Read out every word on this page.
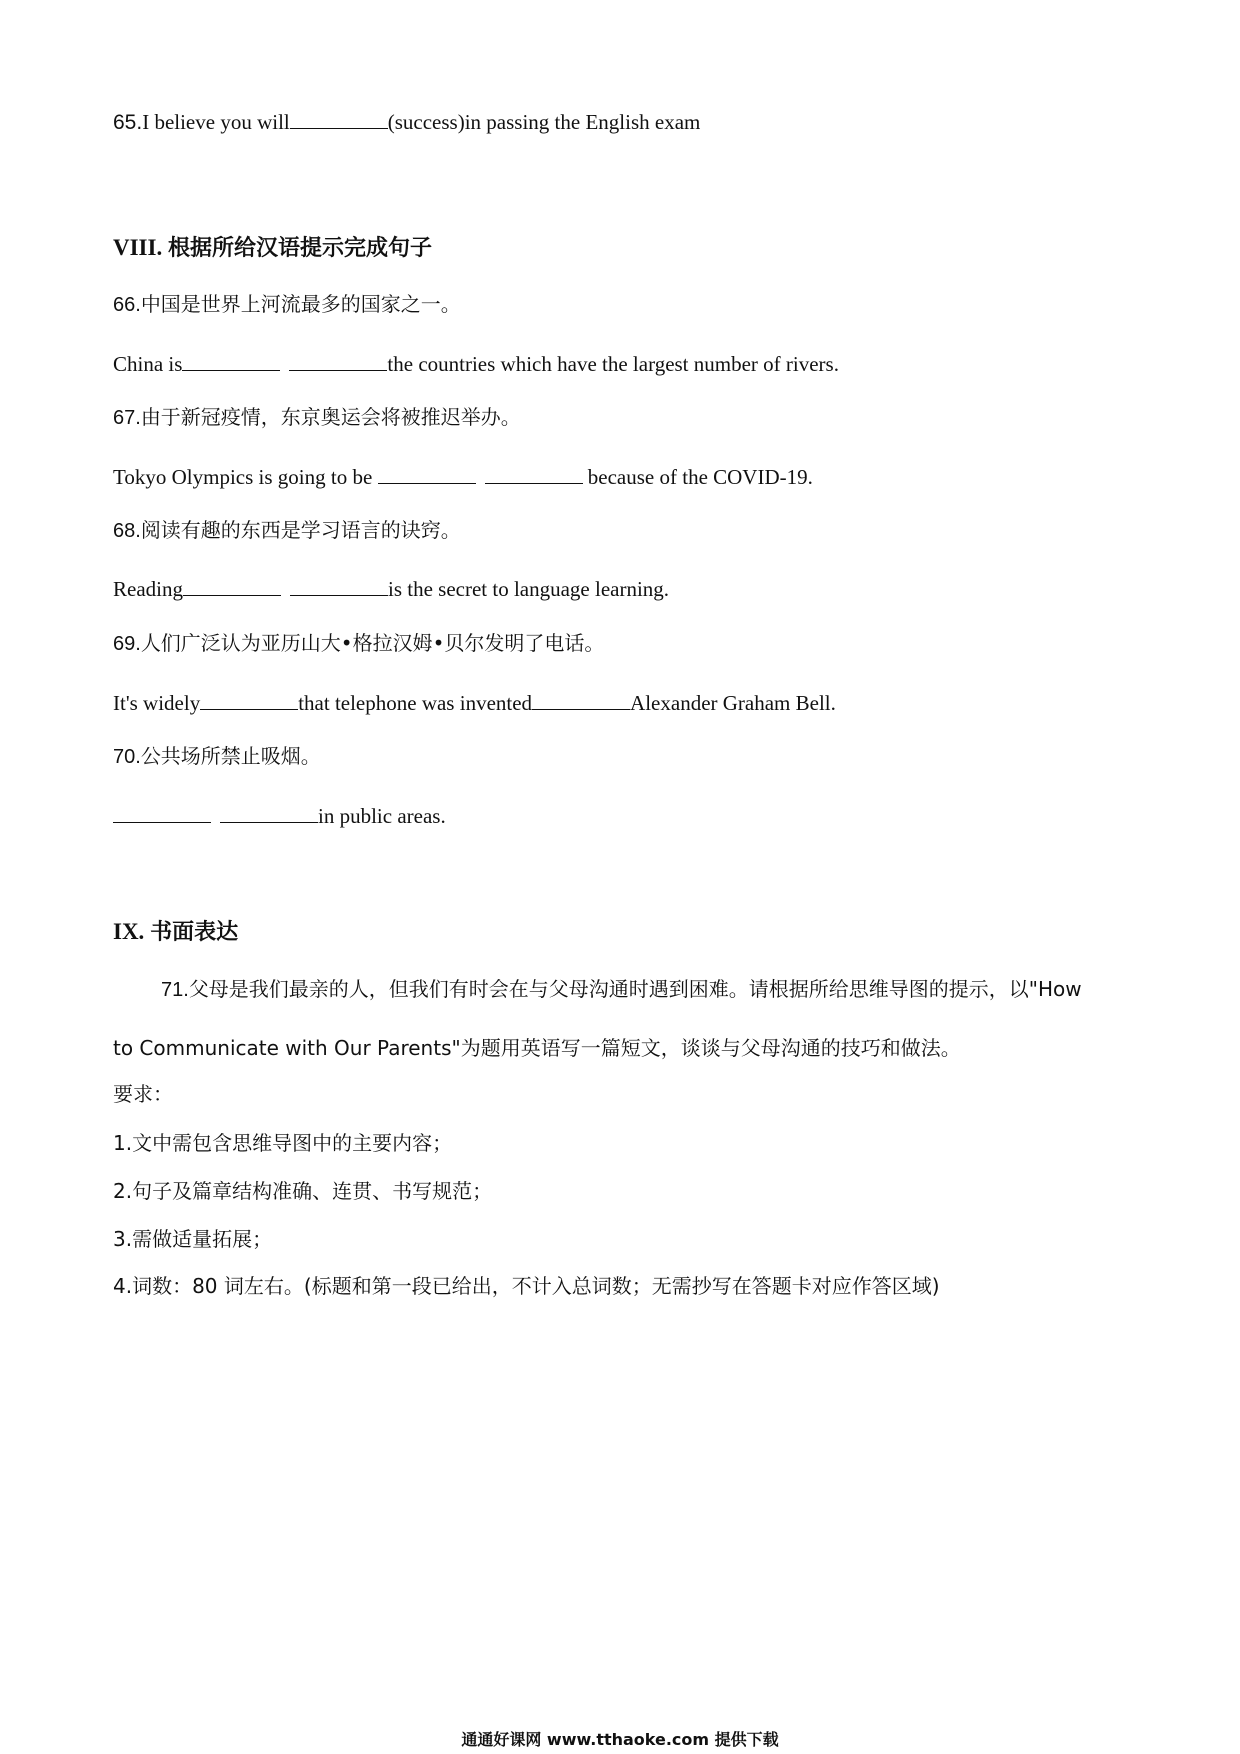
65.I believe you will	(success)in passing the English exam
VIII. 根据所给汉语提示完成句子
66.中国是世界上河流最多的国家之一。
China is	the countries which have the largest number of rivers.
67.由于新冠疫情，东京奥运会将被推迟举办。
Tokyo Olympics is going to be	because of the COVID-19.
68.阅读有趣的东西是学习语言的诀窍。
Reading	is the secret to language learning.
69.人们广泛认为亚历山大•格拉汉姆•贝尔发明了电话。
It's widely	that telephone was invented	Alexander Graham Bell.
70.公共场所禁止吸烟。
in public areas.
IX. 书面表达
71.父母是我们最亲的人，但我们有时会在与父母沟通时遇到困难。请根据所给思维导图的提示，以"How
to Communicate with Our Parents"为题用英语写一篇短文，谈谈与父母沟通的技巧和做法。
要求：
1.文中需包含思维导图中的主要内容；
2.句子及篇章结构准确、连贯、书写规范；
3.需做适量拓展；
4.词数：80 词左右。(标题和第一段已给出，不计入总词数；无需抄写在答题卡对应作答区域)
通通好课网 www.tthaoke.com 提供下载
